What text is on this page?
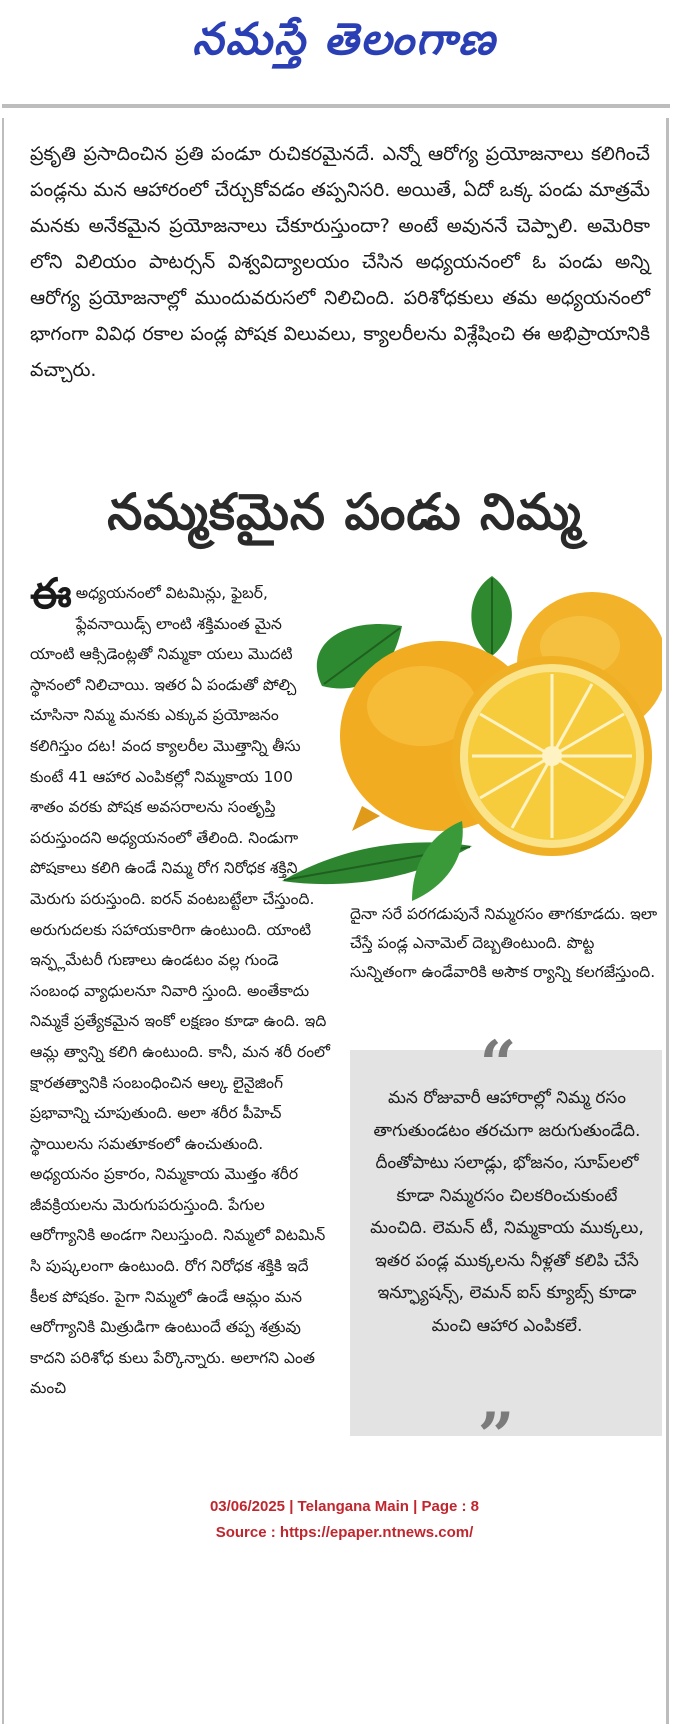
నమస్తే తెలంగాణ
ప్రకృతి ప్రసాదించిన ప్రతి పండూ రుచికరమైనదే. ఎన్నో ఆరోగ్య ప్రయోజనాలు కలిగించే పండ్లను మన ఆహారంలో చేర్చుకోవడం తప్పనిసరి. అయితే, ఏదో ఒక్క పండు మాత్రమే మనకు అనేకమైన ప్రయోజనాలు చేకూరుస్తుందా? అంటే అవుననే చెప్పాలి. అమెరికా లోని విలియం పాటర్సన్ విశ్వవిద్యాలయం చేసిన అధ్యయనంలో ఓ పండు అన్ని ఆరోగ్య ప్రయోజనాల్లో ముందువరుసలో నిలిచింది. పరిశోధకులు తమ అధ్యయనంలో భాగంగా వివిధ రకాల పండ్ల పోషక విలువలు, క్యాలరీలను విశ్లేషించి ఈ అభిప్రాయానికి వచ్చారు.
నమ్మకమైన పండు నిమ్మ
ఈఅధ్యయనంలో విటమిన్లు, ఫైబర్, ఫ్లేవనాయిడ్స్ లాంటి శక్తిమంత మైన యాంటి ఆక్సిడెంట్లతో నిమ్మకా యలు మొదటి స్థానంలో నిలిచాయి. ఇతర ఏ పండుతో పోల్చి చూసినా నిమ్మ మనకు ఎక్కువ ప్రయోజనం కలిగిస్తుం దట! వంద క్యాలరీల మొత్తాన్ని తీసు కుంటే 41 ఆహార ఎంపికల్లో నిమ్మకాయ 100 శాతం వరకు పోషక అవసరాలను సంతృప్తి పరుస్తుందని అధ్యయనంలో తేలింది. నిండుగా పోషకాలు కలిగి ఉండే నిమ్మ రోగ నిరోధక శక్తిని మెరుగు పరుస్తుంది. ఐరన్ వంటబట్టేలా చేస్తుంది. అరుగుదలకు సహాయకారిగా ఉంటుంది. యాంటి ఇన్ఫ్లమేటరీ గుణాలు ఉండటం వల్ల గుండె సంబంధ వ్యాధులనూ నివారి స్తుంది. అంతేకాదు నిమ్మకే ప్రత్యేకమైన ఇంకో లక్షణం కూడా ఉంది. ఇది ఆమ్ల త్వాన్ని కలిగి ఉంటుంది. కానీ, మన శరీ రంలో క్షారతత్వానికి సంబంధించిన ఆల్క లైనైజింగ్ ప్రభావాన్ని చూపుతుంది. అలా శరీర పీహెచ్ స్థాయిలను సమతూకంలో ఉంచుతుంది. అధ్యయనం ప్రకారం, నిమ్మకాయ మొత్తం శరీర జీవక్రియలను మెరుగుపరుస్తుంది. పేగుల ఆరోగ్యానికి అండగా నిలుస్తుంది. నిమ్మలో విటమిన్ సి పుష్కలంగా ఉంటుంది. రోగ నిరోధక శక్తికి ఇదే కీలక పోషకం. పైగా నిమ్మలో ఉండే ఆమ్లం మన ఆరోగ్యానికి మిత్రుడిగా ఉంటుందే తప్ప శత్రువు కాదని పరిశోధ కులు పేర్కొన్నారు. అలాగని ఎంత మంచి
దైనా సరే పరగడుపునే నిమ్మరసం తాగకూడదు. ఇలా చేస్తే పండ్ల ఎనామెల్ దెబ్బతింటుంది. పొట్ట సున్నితంగా ఉండేవారికి అసౌక ర్యాన్ని కలగజేస్తుంది.
“
మన రోజువారీ ఆహారాల్లో నిమ్మ రసం తాగుతుండటం తరచుగా జరుగుతుండేది. దీంతోపాటు సలాడ్లు, భోజనం, సూప్‌లలో కూడా నిమ్మరసం చిలకరించుకుంటే మంచిది. లెమన్ టీ, నిమ్మకాయ ముక్కలు, ఇతర పండ్ల ముక్కలను నీళ్లతో కలిపి చేసే ఇన్ఫ్యూషన్స్, లెమన్ ఐస్ క్యూబ్స్ కూడా మంచి ఆహార ఎంపికలే.
”
03/06/2025 | Telangana Main | Page : 8
Source : https://epaper.ntnews.com/
